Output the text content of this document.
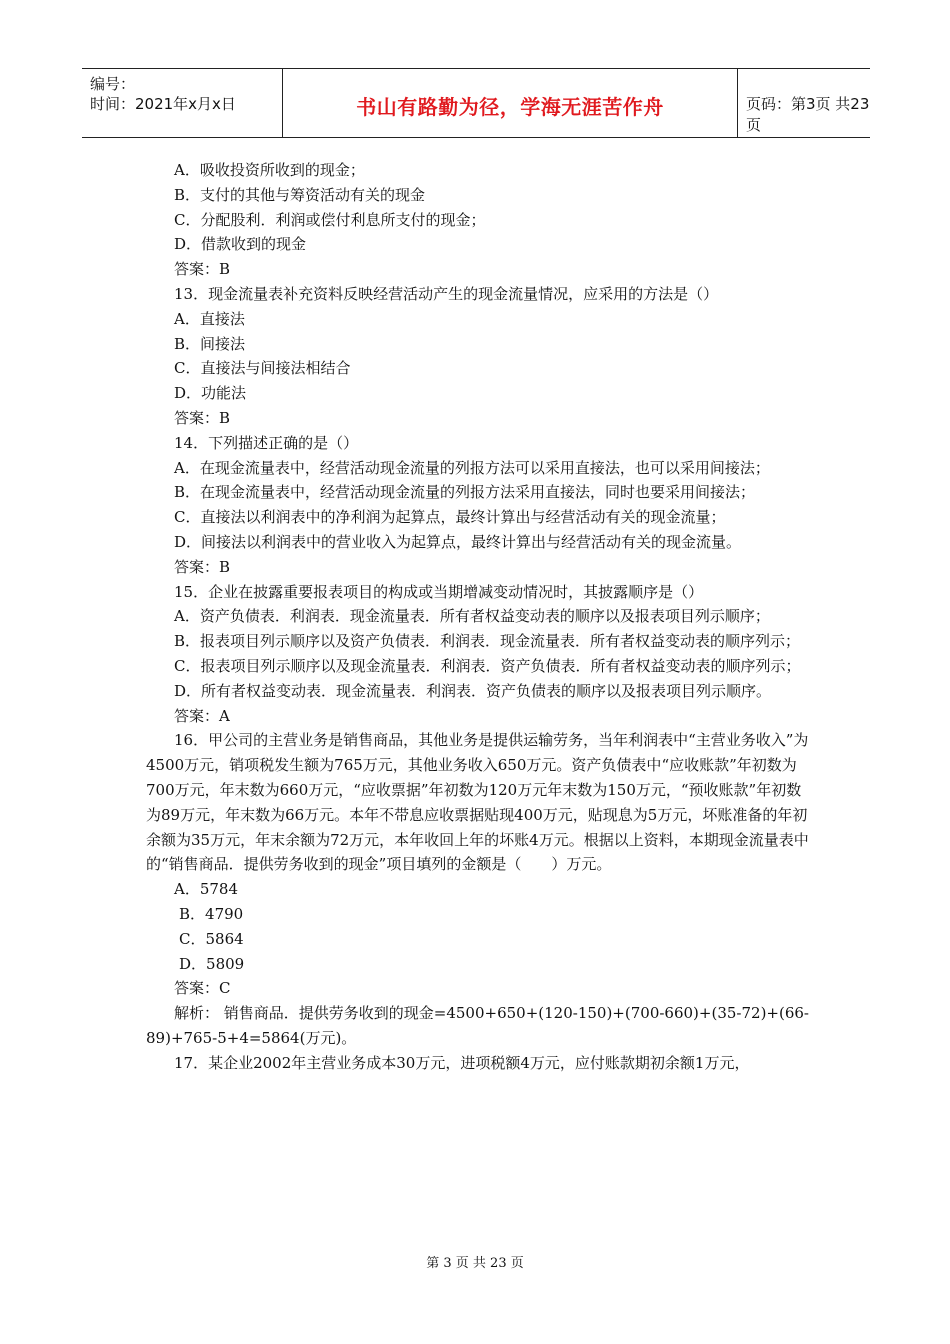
编号：
时间：2021年x月x日	书山有路勤为径，学海无涯苦作舟	页码：第3页 共23页

A．吸收投资所收到的现金；

B．支付的其他与筹资活动有关的现金

C．分配股利．利润或偿付利息所支付的现金；

D．借款收到的现金

答案：B

13．现金流量表补充资料反映经营活动产生的现金流量情况，应采用的方法是（）

A．直接法

B．间接法

C．直接法与间接法相结合

D．功能法

答案：B

14．下列描述正确的是（）

A．在现金流量表中，经营活动现金流量的列报方法可以采用直接法，也可以采用间接法；

B．在现金流量表中，经营活动现金流量的列报方法采用直接法，同时也要采用间接法；

C．直接法以利润表中的净利润为起算点，最终计算出与经营活动有关的现金流量；

D．间接法以利润表中的营业收入为起算点，最终计算出与经营活动有关的现金流量。

答案：B

15．企业在披露重要报表项目的构成或当期增减变动情况时，其披露顺序是（）

A．资产负债表．利润表．现金流量表．所有者权益变动表的顺序以及报表项目列示顺序；

B．报表项目列示顺序以及资产负债表．利润表．现金流量表．所有者权益变动表的顺序列示；

C．报表项目列示顺序以及现金流量表．利润表．资产负债表．所有者权益变动表的顺序列示；

D．所有者权益变动表．现金流量表．利润表．资产负债表的顺序以及报表项目列示顺序。

答案：A

16．甲公司的主营业务是销售商品，其他业务是提供运输劳务，当年利润表中“主营业务收入”为4500万元，销项税发生额为765万元，其他业务收入650万元。资产负债表中“应收账款”年初数为700万元，年末数为660万元，“应收票据”年初数为120万元年末数为150万元，“预收账款”年初数为89万元，年末数为66万元。本年不带息应收票据贴现400万元，贴现息为5万元，坏账准备的年初余额为35万元，年末余额为72万元，本年收回上年的坏账4万元。根据以上资料，本期现金流量表中的“销售商品．提供劳务收到的现金”项目填列的金额是（　　）万元。

A．5784

B．4790

C．5864

D．5809

答案：C

解析： 销售商品．提供劳务收到的现金=4500+650+(120-150)+(700-660)+(35-72)+(66-89)+765-5+4=5864(万元)。

17．某企业2002年主营业务成本30万元，进项税额4万元，应付账款期初余额1万元，

第 3 页 共 23 页
